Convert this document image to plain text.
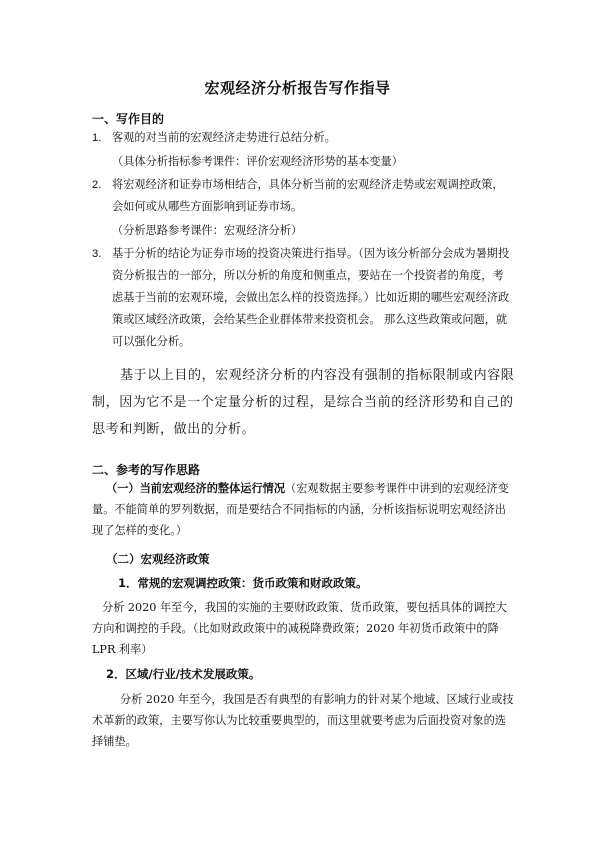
宏观经济分析报告写作指导
一、写作目的
1. 客观的对当前的宏观经济走势进行总结分析。
（具体分析指标参考课件：评价宏观经济形势的基本变量）
2. 将宏观经济和证券市场相结合，具体分析当前的宏观经济走势或宏观调控政策，会如何或从哪些方面影响到证券市场。
（分析思路参考课件：宏观经济分析）
3. 基于分析的结论为证券市场的投资决策进行指导。（因为该分析部分会成为暑期投资分析报告的一部分，所以分析的角度和侧重点，要站在一个投资者的角度，考虑基于当前的宏观环境，会做出怎么样的投资选择。）比如近期的哪些宏观经济政策或区域经济政策，会给某些企业群体带来投资机会。 那么这些政策或问题，就可以强化分析。
基于以上目的，宏观经济分析的内容没有强制的指标限制或内容限制，因为它不是一个定量分析的过程，是综合当前的经济形势和自己的思考和判断，做出的分析。
二、参考的写作思路
（一）当前宏观经济的整体运行情况（宏观数据主要参考课件中讲到的宏观经济变量。不能简单的罗列数据，而是要结合不同指标的内涵，分析该指标说明宏观经济出现了怎样的变化。）
（二）宏观经济政策
1．常规的宏观调控政策：货币政策和财政政策。
分析 2020 年至今，我国的实施的主要财政政策、货币政策，要包括具体的调控大方向和调控的手段。（比如财政政策中的减税降费政策；2020 年初货币政策中的降 LPR 利率）
2．区域/行业/技术发展政策。
分析 2020 年至今，我国是否有典型的有影响力的针对某个地域、区域行业或技术革新的政策，主要写你认为比较重要典型的，而这里就要考虑为后面投资对象的选择铺垫。
